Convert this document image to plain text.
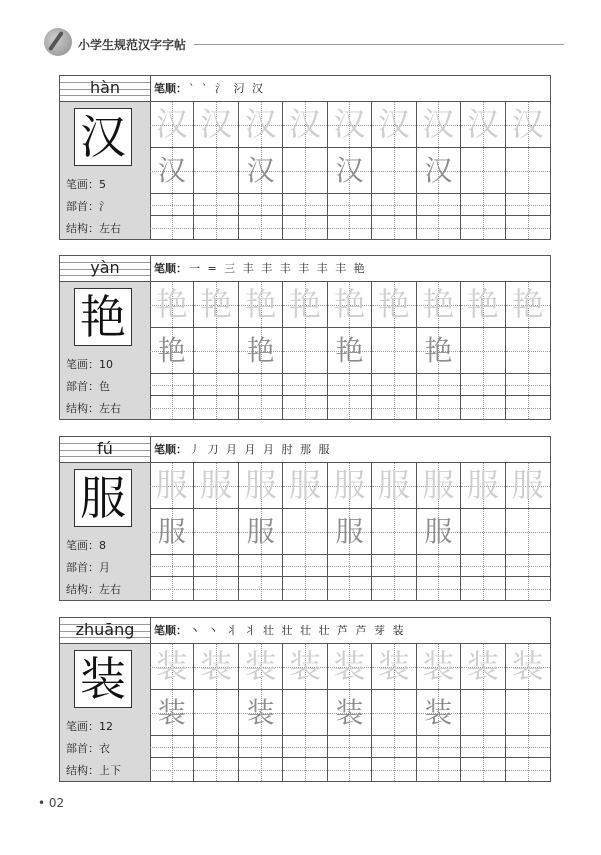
小学生规范汉字字帖
hàn
汉
笔画：5
部首：氵
结构：左右
笔顺： ` ` 氵 汈 汉
汉 汉 汉 汉 汉 汉 汉 汉 汉
汉 汉 汉 汉
yàn
艳
笔画：10
部首：色
结构：左右
笔顺： 一 = 三 丰 丰 丰 丰 丰 丰 艳
艳 艳 艳 艳 艳 艳 艳 艳 艳
艳 艳 艳 艳
fú
服
笔画：8
部首：月
结构：左右
笔顺： 丿 刀 月 月 月 肘 那 服
服 服 服 服 服 服 服 服 服
服 服 服 服
zhuāng
装
笔画：12
部首：衣
结构：上下
笔顺： 丶 丶 丬 丬 壮 壮 壮 壮 芦 芦 芽 装
装 装 装 装 装 装 装 装 装
装 装 装 装
• 02
